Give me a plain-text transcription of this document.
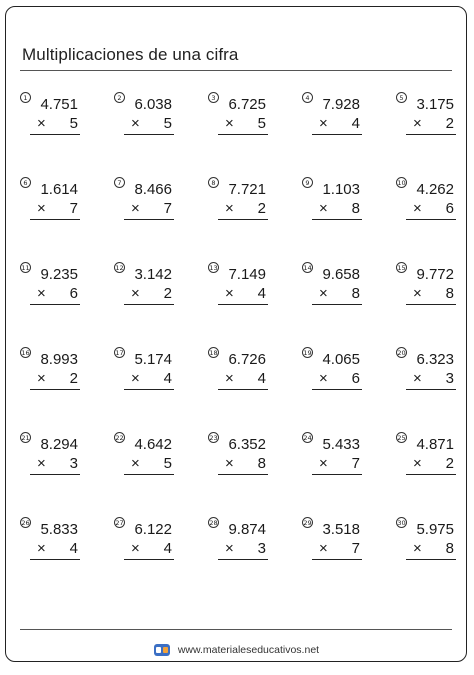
Multiplicaciones de una cifra
1 4.751
× 5
2 6.038
× 5
3 6.725
× 5
4 7.928
× 4
5 3.175
× 2
6 1.614
× 7
7 8.466
× 7
8 7.721
× 2
9 1.103
× 8
10 4.262
× 6
11 9.235
× 6
12 3.142
× 2
13 7.149
× 4
14 9.658
× 8
15 9.772
× 8
16 8.993
× 2
17 5.174
× 4
18 6.726
× 4
19 4.065
× 6
20 6.323
× 3
21 8.294
× 3
22 4.642
× 5
23 6.352
× 8
24 5.433
× 7
25 4.871
× 2
26 5.833
× 4
27 6.122
× 4
28 9.874
× 3
29 3.518
× 7
30 5.975
× 8
www.materialeseducativos.net
